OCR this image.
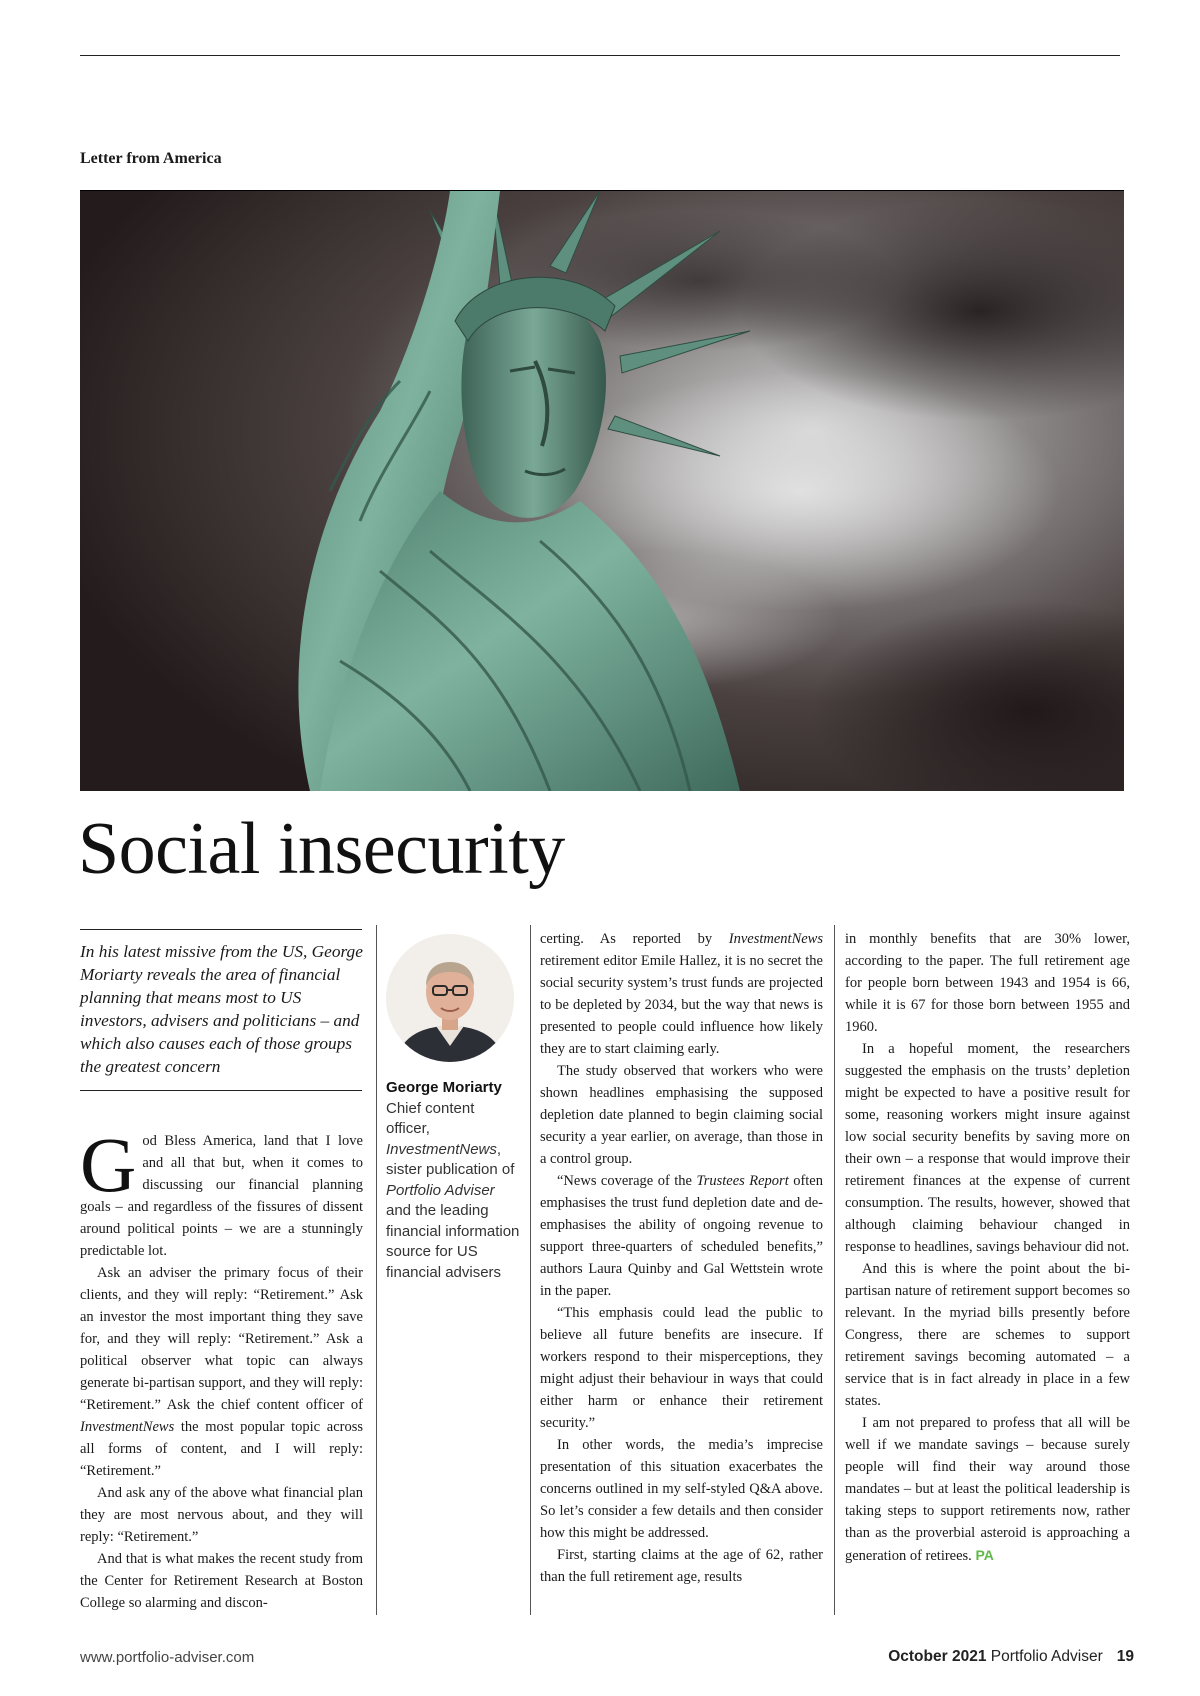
Letter from America
Social insecurity

In his latest missive from the US, George Moriarty reveals the area of financial planning that means most to US investors, advisers and politicians – and which also causes each of those groups the greatest concern

George Moriarty
Chief content officer, InvestmentNews, sister publication of Portfolio Adviser and the leading financial information source for US financial advisers

God Bless America, land that I love and all that but, when it comes to discussing our financial planning goals – and regardless of the fissures of dissent around political points – we are a stunningly predictable lot.

Ask an adviser the primary focus of their clients, and they will reply: “Retirement.” Ask an investor the most important thing they save for, and they will reply: “Retirement.” Ask a political observer what topic can always generate bi-partisan support, and they will reply: “Retirement.” Ask the chief content officer of InvestmentNews the most popular topic across all forms of content, and I will reply: “Retirement.”

And ask any of the above what financial plan they are most nervous about, and they will reply: “Retirement.”

And that is what makes the recent study from the Center for Retirement Research at Boston College so alarming and discon-

certing. As reported by InvestmentNews retirement editor Emile Hallez, it is no secret the social security system’s trust funds are projected to be depleted by 2034, but the way that news is presented to people could influence how likely they are to start claiming early.

The study observed that workers who were shown headlines emphasising the supposed depletion date planned to begin claiming social security a year earlier, on average, than those in a control group.

“News coverage of the Trustees Report often emphasises the trust fund depletion date and de-emphasises the ability of ongoing revenue to support three-quarters of scheduled benefits,” authors Laura Quinby and Gal Wettstein wrote in the paper.

“This emphasis could lead the public to believe all future benefits are insecure. If workers respond to their misperceptions, they might adjust their behaviour in ways that could either harm or enhance their retirement security.”

In other words, the media’s imprecise presentation of this situation exacerbates the concerns outlined in my self-styled Q&A above. So let’s consider a few details and then consider how this might be addressed.

First, starting claims at the age of 62, rather than the full retirement age, results

in monthly benefits that are 30% lower, according to the paper. The full retirement age for people born between 1943 and 1954 is 66, while it is 67 for those born between 1955 and 1960.

In a hopeful moment, the researchers suggested the emphasis on the trusts’ depletion might be expected to have a positive result for some, reasoning workers might insure against low social security benefits by saving more on their own – a response that would improve their retirement finances at the expense of current consumption. The results, however, showed that although claiming behaviour changed in response to headlines, savings behaviour did not.

And this is where the point about the bi-partisan nature of retirement support becomes so relevant. In the myriad bills presently before Congress, there are schemes to support retirement savings becoming automated – a service that is in fact already in place in a few states.

I am not prepared to profess that all will be well if we mandate savings – because surely people will find their way around those mandates – but at least the political leadership is taking steps to support retirements now, rather than as the proverbial asteroid is approaching a generation of retirees. PA

www.portfolio-adviser.com	October 2021 Portfolio Adviser 19
